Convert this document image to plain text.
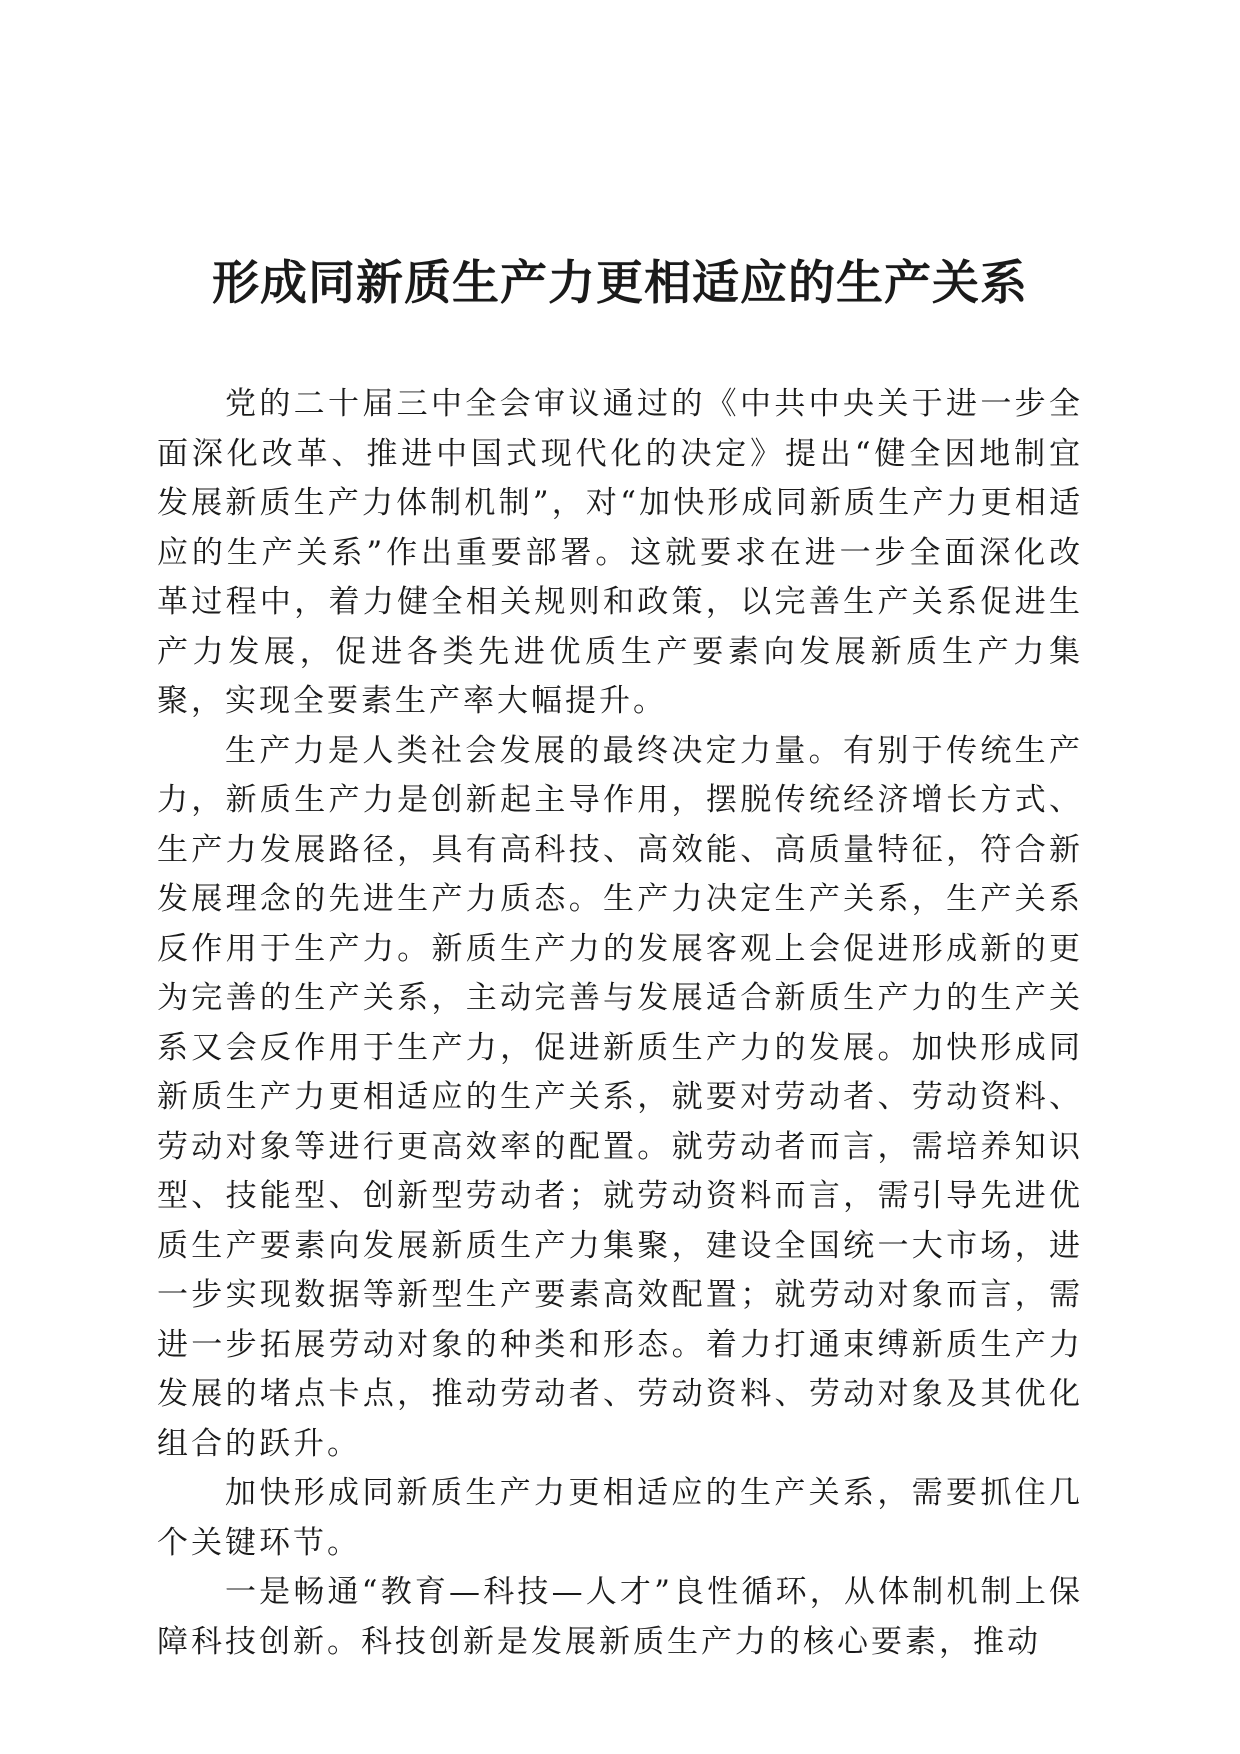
形成同新质生产力更相适应的生产关系

党的二十届三中全会审议通过的《中共中央关于进一步全面深化改革、推进中国式现代化的决定》提出“健全因地制宜发展新质生产力体制机制”，对“加快形成同新质生产力更相适应的生产关系”作出重要部署。这就要求在进一步全面深化改革过程中，着力健全相关规则和政策，以完善生产关系促进生产力发展，促进各类先进优质生产要素向发展新质生产力集聚，实现全要素生产率大幅提升。

生产力是人类社会发展的最终决定力量。有别于传统生产力，新质生产力是创新起主导作用，摆脱传统经济增长方式、生产力发展路径，具有高科技、高效能、高质量特征，符合新发展理念的先进生产力质态。生产力决定生产关系，生产关系反作用于生产力。新质生产力的发展客观上会促进形成新的更为完善的生产关系，主动完善与发展适合新质生产力的生产关系又会反作用于生产力，促进新质生产力的发展。加快形成同新质生产力更相适应的生产关系，就要对劳动者、劳动资料、劳动对象等进行更高效率的配置。就劳动者而言，需培养知识型、技能型、创新型劳动者；就劳动资料而言，需引导先进优质生产要素向发展新质生产力集聚，建设全国统一大市场，进一步实现数据等新型生产要素高效配置；就劳动对象而言，需进一步拓展劳动对象的种类和形态。着力打通束缚新质生产力发展的堵点卡点，推动劳动者、劳动资料、劳动对象及其优化组合的跃升。

加快形成同新质生产力更相适应的生产关系，需要抓住几个关键环节。

一是畅通“教育—科技—人才”良性循环，从体制机制上保障科技创新。科技创新是发展新质生产力的核心要素，推动
